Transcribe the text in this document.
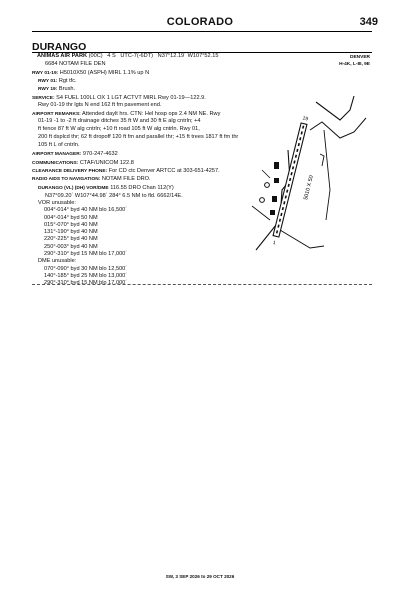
COLORADO	349
DURANGO
ANIMAS AIR PARK (00C) 4 S UTC-7(-6DT) N37°12.19´ W107°52.15´	DENVER
6684 NOTAM FILE DEN	H-4K, L-8I, 9E
RWY 01-19: H5010X50 (ASPH) MIRL 1.1% up N
RWY 01: Rgt tfc.
RWY 19: Brush.
SERVICE: S4 FUEL 100LL OX 1 LGT ACTVT MIRL Rwy 01-19—122.9.
Rwy 01-19 thr lgts N end 162 ft fm pavement end.
AIRPORT REMARKS: Attended daylt hrs. CTN: Hel hosp ops 2.4 NM NE. Rwy
01-19 -1 to -2 ft drainage ditches 35 ft W and 30 ft E alg cntrln; +4
ft fence 87 ft W alg cntrln; +10 ft road 105 ft W alg cntrln. Rwy 01,
200 ft dsplcd thr; 62 ft dropoff 120 ft fm and parallel thr; +15 ft trees 1817 ft fm thr
105 ft L of cntrln.
AIRPORT MANAGER: 970-247-4632
COMMUNICATIONS: CTAF/UNICOM 122.8
CLEARANCE DELIVERY PHONE: For CD ctc Denver ARTCC at 303-651-4257.
RADIO AIDS TO NAVIGATION: NOTAM FILE DRO.
DURANGO (VL) (DH) VOR/DME 116.55 DRO Chan 112(Y)
N37°09.20´ W107°44.98´ 284° 6.5 NM to fld. 6662/14E.
VOR unusable:
004°-014° byd 40 NM blo 16,500´
004°-014° byd 50 NM
015°-070° byd 40 NM
131°-190° byd 40 NM
220°-225° byd 40 NM
250°-003° byd 40 NM
290°-310° byd 15 NM blo 17,000´
DME unusable:
070°-090° byd 30 NM blo 12,500´
140°-185° byd 25 NM blo 13,000´
290°-310° byd 15 NM blo 17,000´
19
1
5010 X 50
SW, 3 SEP 2026 to 29 OCT 2026
